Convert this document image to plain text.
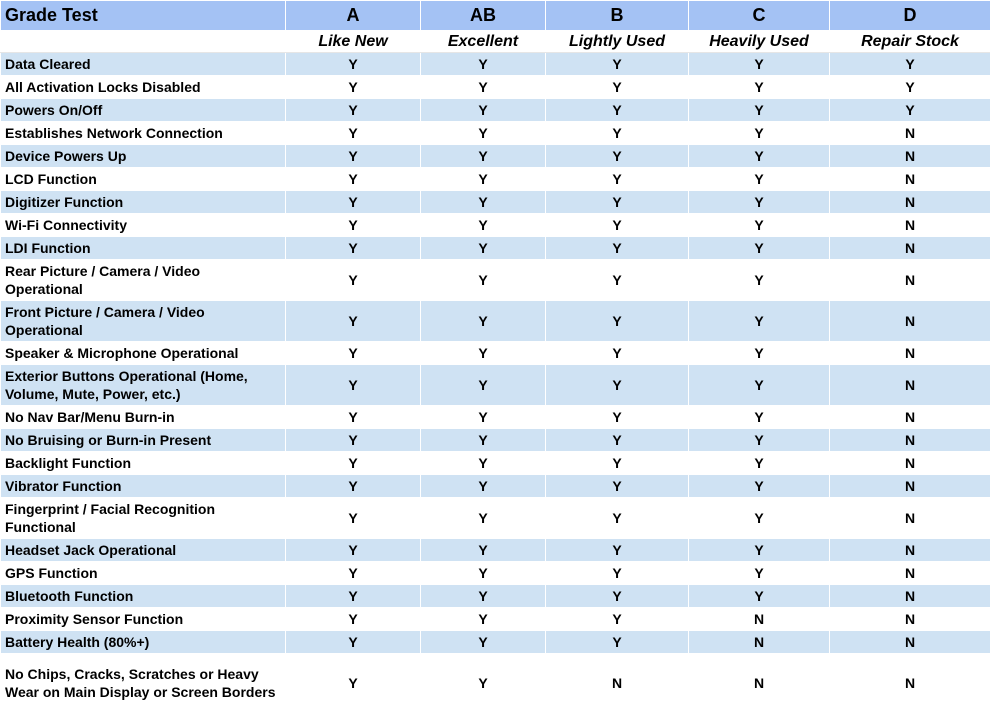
Grade Test	A	AB	B	C	D
	Like New	Excellent	Lightly Used	Heavily Used	Repair Stock
Data Cleared	Y	Y	Y	Y	Y
All Activation Locks Disabled	Y	Y	Y	Y	Y
Powers On/Off	Y	Y	Y	Y	Y
Establishes Network Connection	Y	Y	Y	Y	N
Device Powers Up	Y	Y	Y	Y	N
LCD Function	Y	Y	Y	Y	N
Digitizer Function	Y	Y	Y	Y	N
Wi-Fi Connectivity	Y	Y	Y	Y	N
LDI Function	Y	Y	Y	Y	N
Rear Picture / Camera / Video Operational	Y	Y	Y	Y	N
Front Picture / Camera / Video Operational	Y	Y	Y	Y	N
Speaker & Microphone Operational	Y	Y	Y	Y	N
Exterior Buttons Operational (Home, Volume, Mute, Power, etc.)	Y	Y	Y	Y	N
No Nav Bar/Menu Burn-in	Y	Y	Y	Y	N
No Bruising or Burn-in Present	Y	Y	Y	Y	N
Backlight Function	Y	Y	Y	Y	N
Vibrator Function	Y	Y	Y	Y	N
Fingerprint / Facial Recognition Functional	Y	Y	Y	Y	N
Headset Jack Operational	Y	Y	Y	Y	N
GPS Function	Y	Y	Y	Y	N
Bluetooth Function	Y	Y	Y	Y	N
Proximity Sensor Function	Y	Y	Y	N	N
Battery Health (80%+)	Y	Y	Y	N	N
No Chips, Cracks, Scratches or Heavy Wear on Main Display or Screen Borders	Y	Y	N	N	N
